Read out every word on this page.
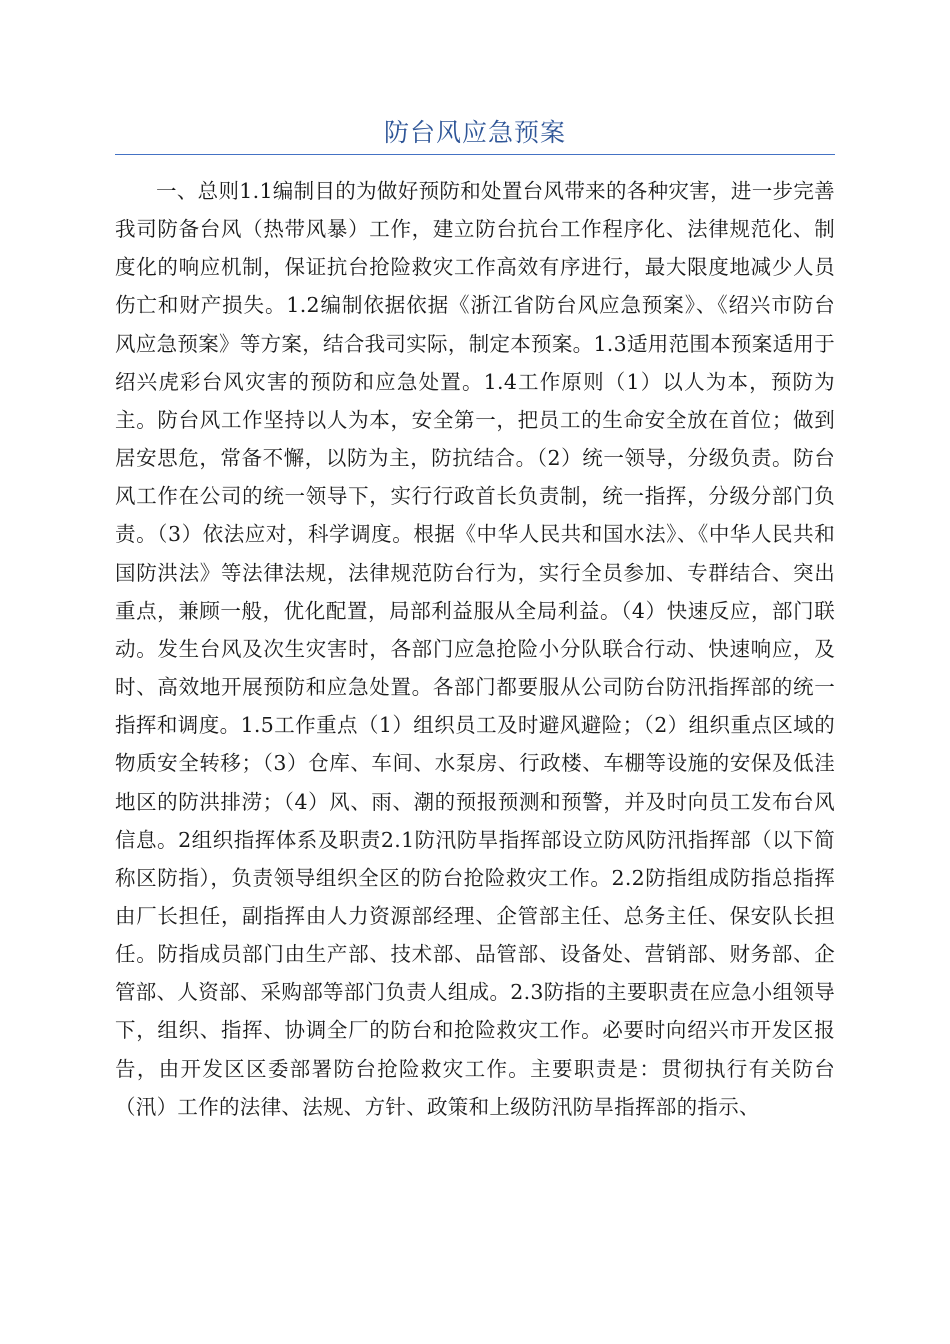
防台风应急预案

一、总则1.1编制目的为做好预防和处置台风带来的各种灾害，进一步完善我司防备台风（热带风暴）工作，建立防台抗台工作程序化、法律规范化、制度化的响应机制，保证抗台抢险救灾工作高效有序进行，最大限度地减少人员伤亡和财产损失。1.2编制依据依据《浙江省防台风应急预案》、《绍兴市防台风应急预案》等方案，结合我司实际，制定本预案。1.3适用范围本预案适用于绍兴虎彩台风灾害的预防和应急处置。1.4工作原则（1）以人为本，预防为主。防台风工作坚持以人为本，安全第一，把员工的生命安全放在首位；做到居安思危，常备不懈，以防为主，防抗结合。（2）统一领导，分级负责。防台风工作在公司的统一领导下，实行行政首长负责制，统一指挥，分级分部门负责。（3）依法应对，科学调度。根据《中华人民共和国水法》、《中华人民共和国防洪法》等法律法规，法律规范防台行为，实行全员参加、专群结合、突出重点，兼顾一般，优化配置，局部利益服从全局利益。（4）快速反应，部门联动。发生台风及次生灾害时，各部门应急抢险小分队联合行动、快速响应，及时、高效地开展预防和应急处置。各部门都要服从公司防台防汛指挥部的统一指挥和调度。1.5工作重点（1）组织员工及时避风避险；（2）组织重点区域的物质安全转移；（3）仓库、车间、水泵房、行政楼、车棚等设施的安保及低洼地区的防洪排涝；（4）风、雨、潮的预报预测和预警，并及时向员工发布台风信息。2组织指挥体系及职责2.1防汛防旱指挥部设立防风防汛指挥部（以下简称区防指），负责领导组织全区的防台抢险救灾工作。2.2防指组成防指总指挥由厂长担任，副指挥由人力资源部经理、企管部主任、总务主任、保安队长担任。防指成员部门由生产部、技术部、品管部、设备处、营销部、财务部、企管部、人资部、采购部等部门负责人组成。2.3防指的主要职责在应急小组领导下，组织、指挥、协调全厂的防台和抢险救灾工作。必要时向绍兴市开发区报告，由开发区区委部署防台抢险救灾工作。主要职责是：贯彻执行有关防台（汛）工作的法律、法规、方针、政策和上级防汛防旱指挥部的指示、
